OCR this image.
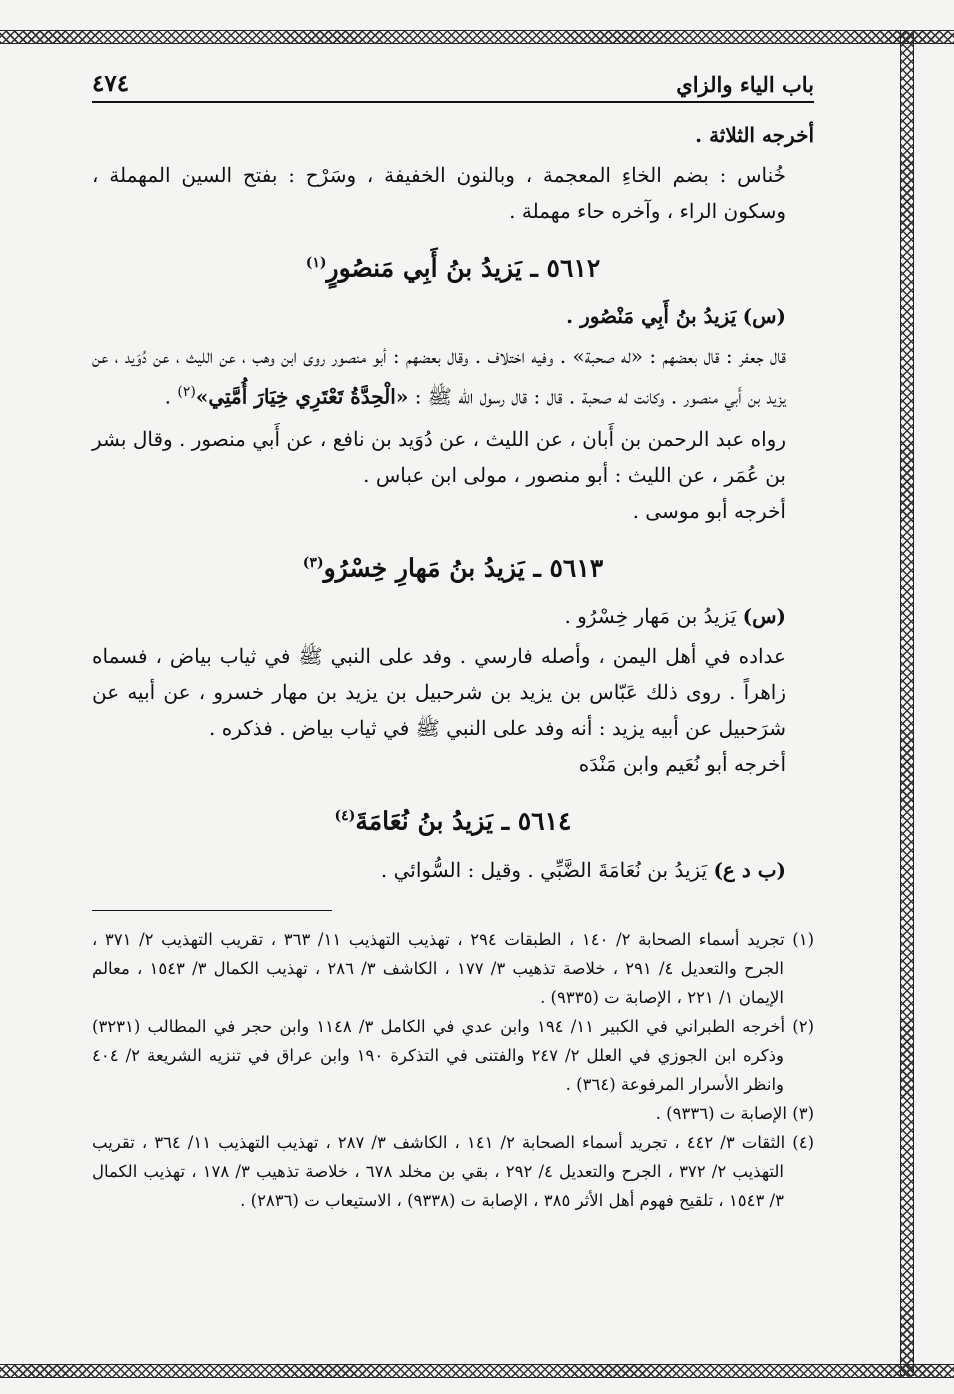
باب الياء والزاي
٤٧٤

أخرجه الثلاثة .

خُناس : بضم الخاءِ المعجمة ، وبالنون الخفيفة ، وسَرْح : بفتح السين المهملة ، وسكون الراء ، وآخره حاء مهملة .

٥٦١٢ ـ يَزيدُ بنُ أَبِي مَنصُورٍ$^{(١)}$

(س) يَزيدُ بنُ أَبِي مَنْصُور .

قال جعفر : قال بعضهم : «له صحبة» . وفيه اختلاف . وقال بعضهم : أبو منصور روى ابن وهب ، عن الليث ، عن دُوَيد ، عن يزيد بن أَبي منصور . وكانت له صحبة . قال : قال رسول الله ﷺ : «الْحِدَّةُ تَعْتَرِي خِيَارَ أُمَّتِي»$^{(٢)}$ .

رواه عبد الرحمن بن أَبان ، عن الليث ، عن دُوَيد بن نافع ، عن أَبي منصور . وقال بشر بن عُمَر ، عن الليث : أبو منصور ، مولى ابن عباس .

أخرجه أبو موسى .

٥٦١٣ ـ يَزيدُ بنُ مَهارِ خِسْرُو$^{(٣)}$

(س) يَزيدُ بن مَهار خِسْرُو .

عداده في أهل اليمن ، وأصله فارسي . وفد على النبي ﷺ في ثياب بياض ، فسماه زاهراً . روى ذلك عَبّاس بن يزيد بن شرحبيل بن يزيد بن مهار خسرو ، عن أبيه عن شرَحبيل عن أبيه يزيد : أنه وفد على النبي ﷺ في ثياب بياض . فذكره .

أخرجه أبو نُعَيم وابن مَنْدَه

٥٦١٤ ـ يَزيدُ بنُ نُعَامَةَ$^{(٤)}$

(ب د ع) يَزيدُ بن نُعَامَةَ الضَّبِّي . وقيل : السُّوائي .

(١) تجريد أسماء الصحابة ٢/ ١٤٠ ، الطبقات ٢٩٤ ، تهذيب التهذيب ١١/ ٣٦٣ ، تقريب التهذيب ٢/ ٣٧١ ، الجرح والتعديل ٤/ ٢٩١ ، خلاصة تذهيب ٣/ ١٧٧ ، الكاشف ٣/ ٢٨٦ ، تهذيب الكمال ٣/ ١٥٤٣ ، معالم الإيمان ١/ ٢٢١ ، الإصابة ت (٩٣٣٥) .

(٢) أخرجه الطبراني في الكبير ١١/ ١٩٤ وابن عدي في الكامل ٣/ ١١٤٨ وابن حجر في المطالب (٣٢٣١) وذكره ابن الجوزي في العلل ٢/ ٢٤٧ والفتنى في التذكرة ١٩٠ وابن عراق في تنزيه الشريعة ٢/ ٤٠٤ وانظر الأسرار المرفوعة (٣٦٤) .

(٣) الإصابة ت (٩٣٣٦) .

(٤) الثقات ٣/ ٤٤٢ ، تجريد أسماء الصحابة ٢/ ١٤١ ، الكاشف ٣/ ٢٨٧ ، تهذيب التهذيب ١١/ ٣٦٤ ، تقريب التهذيب ٢/ ٣٧٢ ، الجرح والتعديل ٤/ ٢٩٢ ، بقي بن مخلد ٦٧٨ ، خلاصة تذهيب ٣/ ١٧٨ ، تهذيب الكمال ٣/ ١٥٤٣ ، تلقيح فهوم أهل الأثر ٣٨٥ ، الإصابة ت (٩٣٣٨) ، الاستيعاب ت (٢٨٣٦) .
